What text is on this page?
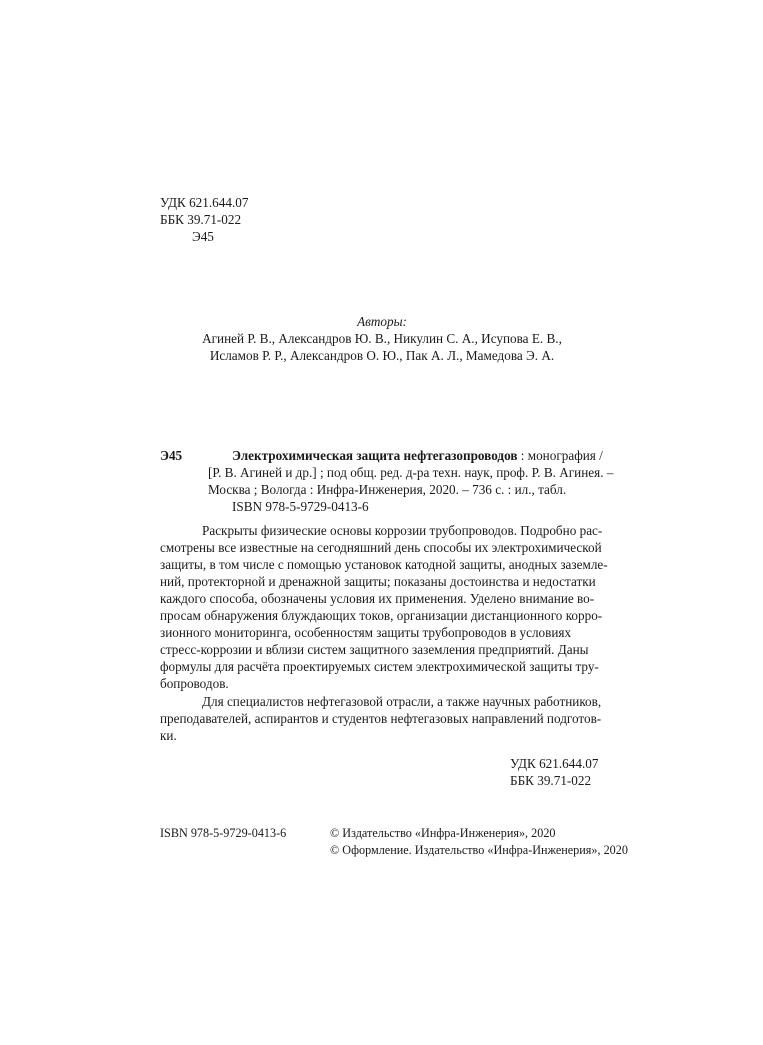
УДК 621.644.07
ББК 39.71-022
Э45
Авторы:
Агиней Р. В., Александров Ю. В., Никулин С. А., Исупова Е. В.,
Исламов Р. Р., Александров О. Ю., Пак А. Л., Мамедова Э. А.
Э45	Электрохимическая защита нефтегазопроводов : монография /
[Р. В. Агиней и др.] ; под общ. ред. д-ра техн. наук, проф. Р. В. Агинея. –
Москва ; Вологда : Инфра-Инженерия, 2020. – 736 с. : ил., табл.
ISBN 978-5-9729-0413-6
Раскрыты физические основы коррозии трубопроводов. Подробно рас-
смотрены все известные на сегодняшний день способы их электрохимической
защиты, в том числе с помощью установок катодной защиты, анодных заземле-
ний, протекторной и дренажной защиты; показаны достоинства и недостатки
каждого способа, обозначены условия их применения. Уделено внимание во-
просам обнаружения блуждающих токов, организации дистанционного корро-
зионного мониторинга, особенностям защиты трубопроводов в условиях
стресс-коррозии и вблизи систем защитного заземления предприятий. Даны
формулы для расчёта проектируемых систем электрохимической защиты тру-
бопроводов.
Для специалистов нефтегазовой отрасли, а также научных работников,
преподавателей, аспирантов и студентов нефтегазовых направлений подготов-
ки.
УДК 621.644.07
ББК 39.71-022
ISBN 978-5-9729-0413-6	© Издательство «Инфра-Инженерия», 2020
© Оформление. Издательство «Инфра-Инженерия», 2020
